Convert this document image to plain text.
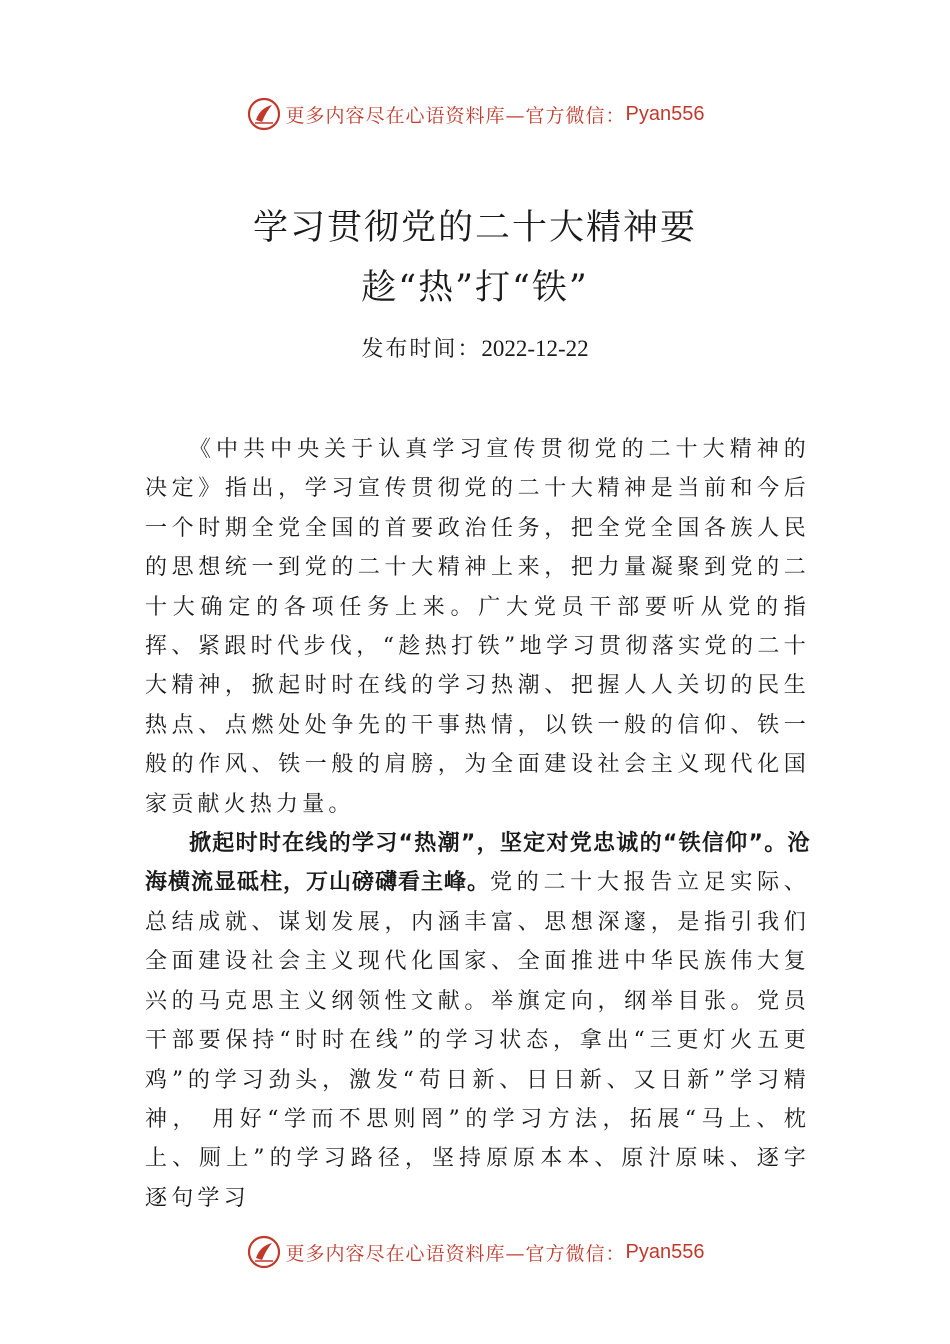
更多内容尽在心语资料库—官方微信： Pyan556
学习贯彻党的二十大精神要趁“热”打“铁”
发布时间：2022-12-22

《中共中央关于认真学习宣传贯彻党的二十大精神的决定》指出，学习宣传贯彻党的二十大精神是当前和今后一个时期全党全国的首要政治任务，把全党全国各族人民的思想统一到党的二十大精神上来，把力量凝聚到党的二十大确定的各项任务上来。广大党员干部要听从党的指挥、紧跟时代步伐，“趁热打铁”地学习贯彻落实党的二十大精神，掀起时时在线的学习热潮、把握人人关切的民生热点、点燃处处争先的干事热情，以铁一般的信仰、铁一般的作风、铁一般的肩膀，为全面建设社会主义现代化国家贡献火热力量。

掀起时时在线的学习“热潮”，坚定对党忠诚的“铁信仰”。沧海横流显砥柱，万山磅礴看主峰。党的二十大报告立足实际、总结成就、谋划发展，内涵丰富、思想深邃，是指引我们全面建设社会主义现代化国家、全面推进中华民族伟大复兴的马克思主义纲领性文献。举旗定向，纲举目张。党员干部要保持“时时在线”的学习状态，拿出“三更灯火五更鸡”的学习劲头，激发“苟日新、日日新、又日新”学习精神， 用好“学而不思则罔”的学习方法，拓展“马上、枕上、厕上”的学习路径，坚持原原本本、原汁原味、逐字逐句学习

更多内容尽在心语资料库—官方微信： Pyan556
